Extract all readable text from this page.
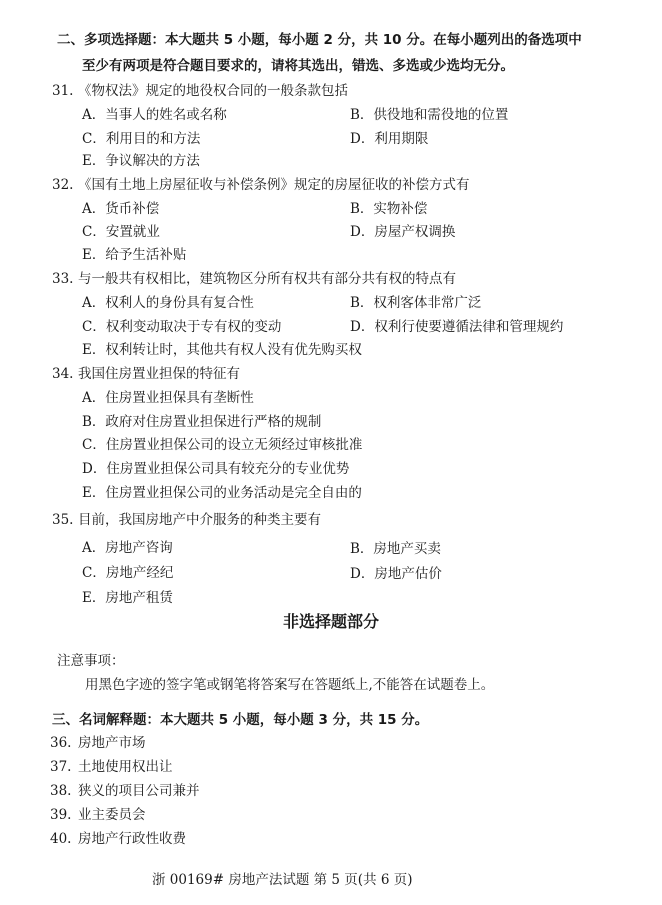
二、多项选择题：本大题共 5 小题，每小题 2 分，共 10 分。在每小题列出的备选项中
至少有两项是符合题目要求的，请将其选出，错选、多选或少选均无分。
31. 《物权法》规定的地役权合同的一般条款包括
A．当事人的姓名或名称	B．供役地和需役地的位置
C．利用目的和方法	D．利用期限
E．争议解决的方法
32. 《国有土地上房屋征收与补偿条例》规定的房屋征收的补偿方式有
A．货币补偿	B．实物补偿
C．安置就业	D．房屋产权调换
E．给予生活补贴
33. 与一般共有权相比，建筑物区分所有权共有部分共有权的特点有
A．权利人的身份具有复合性	B．权利客体非常广泛
C．权利变动取决于专有权的变动	D．权利行使要遵循法律和管理规约
E．权利转让时，其他共有权人没有优先购买权
34. 我国住房置业担保的特征有
A．住房置业担保具有垄断性
B．政府对住房置业担保进行严格的规制
C．住房置业担保公司的设立无须经过审核批准
D．住房置业担保公司具有较充分的专业优势
E．住房置业担保公司的业务活动是完全自由的
35. 目前，我国房地产中介服务的种类主要有
A．房地产咨询	B．房地产买卖
C．房地产经纪	D．房地产估价
E．房地产租赁
非选择题部分
注意事项：
用黑色字迹的签字笔或钢笔将答案写在答题纸上,不能答在试题卷上。
三、名词解释题：本大题共 5 小题，每小题 3 分，共 15 分。
36. 房地产市场
37. 土地使用权出让
38. 狭义的项目公司兼并
39. 业主委员会
40. 房地产行政性收费
浙 00169# 房地产法试题 第 5 页(共 6 页)
